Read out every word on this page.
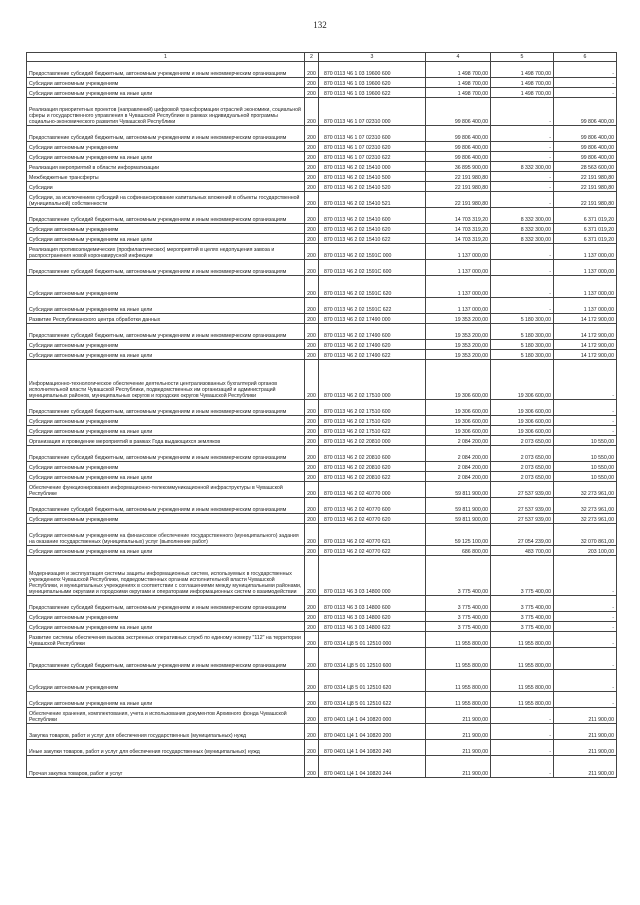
132
1	2	3	4	5	6
Предоставление субсидий бюджетным, автономным учреждениям и иным некоммерческим организациям	200	870 0113 Ч6 1 03 19600 600	1 498 700,00	1 498 700,00	-
Субсидии автономным учреждениям	200	870 0113 Ч6 1 03 19600 620	1 498 700,00	1 498 700,00	-
Субсидии автономным учреждениям на иные цели	200	870 0113 Ч6 1 03 19600 622	1 498 700,00	1 498 700,00	-
Реализация приоритетных проектов (направлений) цифровой трансформации отраслей экономики, социальной сферы и государственного управления в Чувашской Республике в рамках индивидуальной программы социально-экономического развития Чувашской Республики	200	870 0113 Ч6 1 07 02310 000	99 806 400,00	-	99 806 400,00
Предоставление субсидий бюджетным, автономным учреждениям и иным некоммерческим организациям	200	870 0113 Ч6 1 07 02310 600	99 806 400,00	-	99 806 400,00
Субсидии автономным учреждениям	200	870 0113 Ч6 1 07 02310 620	99 806 400,00	-	99 806 400,00
Субсидии автономным учреждениям на иные цели	200	870 0113 Ч6 1 07 02310 622	99 806 400,00	-	99 806 400,00
Реализация мероприятий в области информатизации	200	870 0113 Ч6 2 02 15410 000	36 895 900,00	8 332 300,00	28 563 600,00
Межбюджетные трансферты	200	870 0113 Ч6 2 02 15410 500	22 191 980,80	-	22 191 980,80
Субсидии	200	870 0113 Ч6 2 02 15410 520	22 191 980,80	-	22 191 980,80
Субсидии, за исключением субсидий на софинансирование капитальных вложений в объекты государственной (муниципальной) собственности	200	870 0113 Ч6 2 02 15410 521	22 191 980,80	-	22 191 980,80
Предоставление субсидий бюджетным, автономным учреждениям и иным некоммерческим организациям	200	870 0113 Ч6 2 02 15410 600	14 703 319,20	8 332 300,00	6 371 019,20
Субсидии автономным учреждениям	200	870 0113 Ч6 2 02 15410 620	14 703 319,20	8 332 300,00	6 371 019,20
Субсидии автономным учреждениям на иные цели	200	870 0113 Ч6 2 02 15410 622	14 703 319,20	8 332 300,00	6 371 019,20
Реализация противоэпидемических (профилактических) мероприятий в целях недопущения завоза и распространения новой коронавирусной инфекции	200	870 0113 Ч6 2 02 1591С 000	1 137 000,00	-	1 137 000,00
Предоставление субсидий бюджетным, автономным учреждениям и иным некоммерческим организациям	200	870 0113 Ч6 2 02 1591С 600	1 137 000,00	-	1 137 000,00
Субсидии автономным учреждениям	200	870 0113 Ч6 2 02 1591С 620	1 137 000,00	-	1 137 000,00
Субсидии автономным учреждениям на иные цели	200	870 0113 Ч6 2 02 1591С 622	1 137 000,00	-	1 137 000,00
Развитие Республиканского центра обработки данных	200	870 0113 Ч6 2 02 17490 000	19 353 200,00	5 180 300,00	14 172 900,00
Предоставление субсидий бюджетным, автономным учреждениям и иным некоммерческим организациям	200	870 0113 Ч6 2 02 17490 600	19 353 200,00	5 180 300,00	14 172 900,00
Субсидии автономным учреждениям	200	870 0113 Ч6 2 02 17490 620	19 353 200,00	5 180 300,00	14 172 900,00
Субсидии автономным учреждениям на иные цели	200	870 0113 Ч6 2 02 17490 622	19 353 200,00	5 180 300,00	14 172 900,00
Информационно-технологическое обеспечение деятельности централизованных бухгалтерий органов исполнительной власти Чувашской Республики, подведомственных им организаций и администраций муниципальных районов, муниципальных округов и городских округов Чувашской Республики	200	870 0113 Ч6 2 02 17510 000	19 306 600,00	19 306 600,00	-
Предоставление субсидий бюджетным, автономным учреждениям и иным некоммерческим организациям	200	870 0113 Ч6 2 02 17510 600	19 306 600,00	19 306 600,00	-
Субсидии автономным учреждениям	200	870 0113 Ч6 2 02 17510 620	19 306 600,00	19 306 600,00	-
Субсидии автономным учреждениям на иные цели	200	870 0113 Ч6 2 02 17510 622	19 306 600,00	19 306 600,00	-
Организация и проведение мероприятий в рамках Года выдающихся земляков	200	870 0113 Ч6 2 02 20810 000	2 084 200,00	2 073 650,00	10 550,00
Предоставление субсидий бюджетным, автономным учреждениям и иным некоммерческим организациям	200	870 0113 Ч6 2 02 20810 600	2 084 200,00	2 073 650,00	10 550,00
Субсидии автономным учреждениям	200	870 0113 Ч6 2 02 20810 620	2 084 200,00	2 073 650,00	10 550,00
Субсидии автономным учреждениям на иные цели	200	870 0113 Ч6 2 02 20810 622	2 084 200,00	2 073 650,00	10 550,00
Обеспечение функционирования информационно-телекоммуникационной инфраструктуры в Чувашской Республике	200	870 0113 Ч6 2 02 40770 000	59 811 900,00	27 537 939,00	32 273 961,00
Предоставление субсидий бюджетным, автономным учреждениям и иным некоммерческим организациям	200	870 0113 Ч6 2 02 40770 600	59 811 900,00	27 537 939,00	32 273 961,00
Субсидии автономным учреждениям	200	870 0113 Ч6 2 02 40770 620	59 811 900,00	27 537 939,00	32 273 961,00
Субсидии автономным учреждениям на финансовое обеспечение государственного (муниципального) задания на оказание государственных (муниципальных) услуг (выполнение работ)	200	870 0113 Ч6 2 02 40770 621	59 125 100,00	27 054 239,00	32 070 861,00
Субсидии автономным учреждениям на иные цели	200	870 0113 Ч6 2 02 40770 622	686 800,00	483 700,00	203 100,00
Модернизация и эксплуатация системы защиты информационных систем, используемых в государственных учреждениях Чувашской Республики, подведомственных органам исполнительной власти Чувашской Республики, и муниципальных учреждениях в соответствии с соглашениями между муниципальными районами, муниципальными округами и городскими округами и операторами информационных систем о взаимодействии	200	870 0113 Ч6 3 03 14800 000	3 775 400,00	3 775 400,00	-
Предоставление субсидий бюджетным, автономным учреждениям и иным некоммерческим организациям	200	870 0113 Ч6 3 03 14800 600	3 775 400,00	3 775 400,00	-
Субсидии автономным учреждениям	200	870 0113 Ч6 3 03 14800 620	3 775 400,00	3 775 400,00	-
Субсидии автономным учреждениям на иные цели	200	870 0113 Ч6 3 03 14800 622	3 775 400,00	3 775 400,00	-
Развитие системы обеспечения вызова экстренных оперативных служб по единому номеру "112" на территории Чувашской Республики	200	870 0314 Ц8 5 01 12510 000	11 955 800,00	11 955 800,00	-
Предоставление субсидий бюджетным, автономным учреждениям и иным некоммерческим организациям	200	870 0314 Ц8 5 01 12510 600	11 955 800,00	11 955 800,00	-
Субсидии автономным учреждениям	200	870 0314 Ц8 5 01 12510 620	11 955 800,00	11 955 800,00	-
Субсидии автономным учреждениям на иные цели	200	870 0314 Ц8 5 01 12510 622	11 955 800,00	11 955 800,00	-
Обеспечение хранения, комплектования, учета и использования документов Архивного фонда Чувашской Республики	200	870 0401 Ц4 1 04 10820 000	211 900,00	-	211 900,00
Закупка товаров, работ и услуг для обеспечения государственных (муниципальных) нужд	200	870 0401 Ц4 1 04 10820 200	211 900,00	-	211 900,00
Иные закупки товаров, работ и услуг для обеспечения государственных (муниципальных) нужд	200	870 0401 Ц4 1 04 10820 240	211 900,00	-	211 900,00
Прочая закупка товаров, работ и услуг	200	870 0401 Ц4 1 04 10820 244	211 900,00	-	211 900,00
